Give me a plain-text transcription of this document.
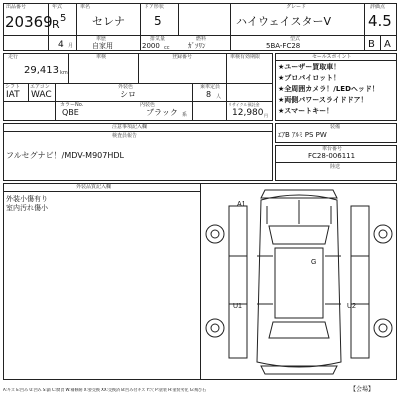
出品番号
20369
年式
R 5
車名
セレナ
ドア形状
5
グレード
ハイウェイスターV
評価点
4.5
4 月
車歴
自家用
排気量
2000 cc
燃料
ｶﾞｿﾘﾝ
型式
5BA-FC28	B A
走行
29,413 km
車検	登録番号	車検有効期限
シフト エアコン	外装色	乗車定員
IAT WAC	シロ	8 人
カラーNo.	内装色	リサイクル預託金
QBE	ブラック 系	12,980 円
セールスポイント
★ユーザー買取車！
★プロパイロット！
★全周囲カメラ！/LEDヘッド！
★両側パワースライドドア！
★スマートキー！
注意事項記入欄
検査員報告
フルセグナビ！/MDV-M907HDL
装備
ｴｱB ｱﾙﾐ PS PW
車台番号
FC28-006111
陸送
外装品質記入欄
外装小傷有り
室内汚れ傷小	A1
G
U1	U2
A:キズ E:凹み U:凹み S:錆 C:腐食 W:補修跡 X:要交換 XX:交換済 B:凹み付キズ Y:穴 P:塗装 H:塗装劣化 G:飛び石	【会場】
